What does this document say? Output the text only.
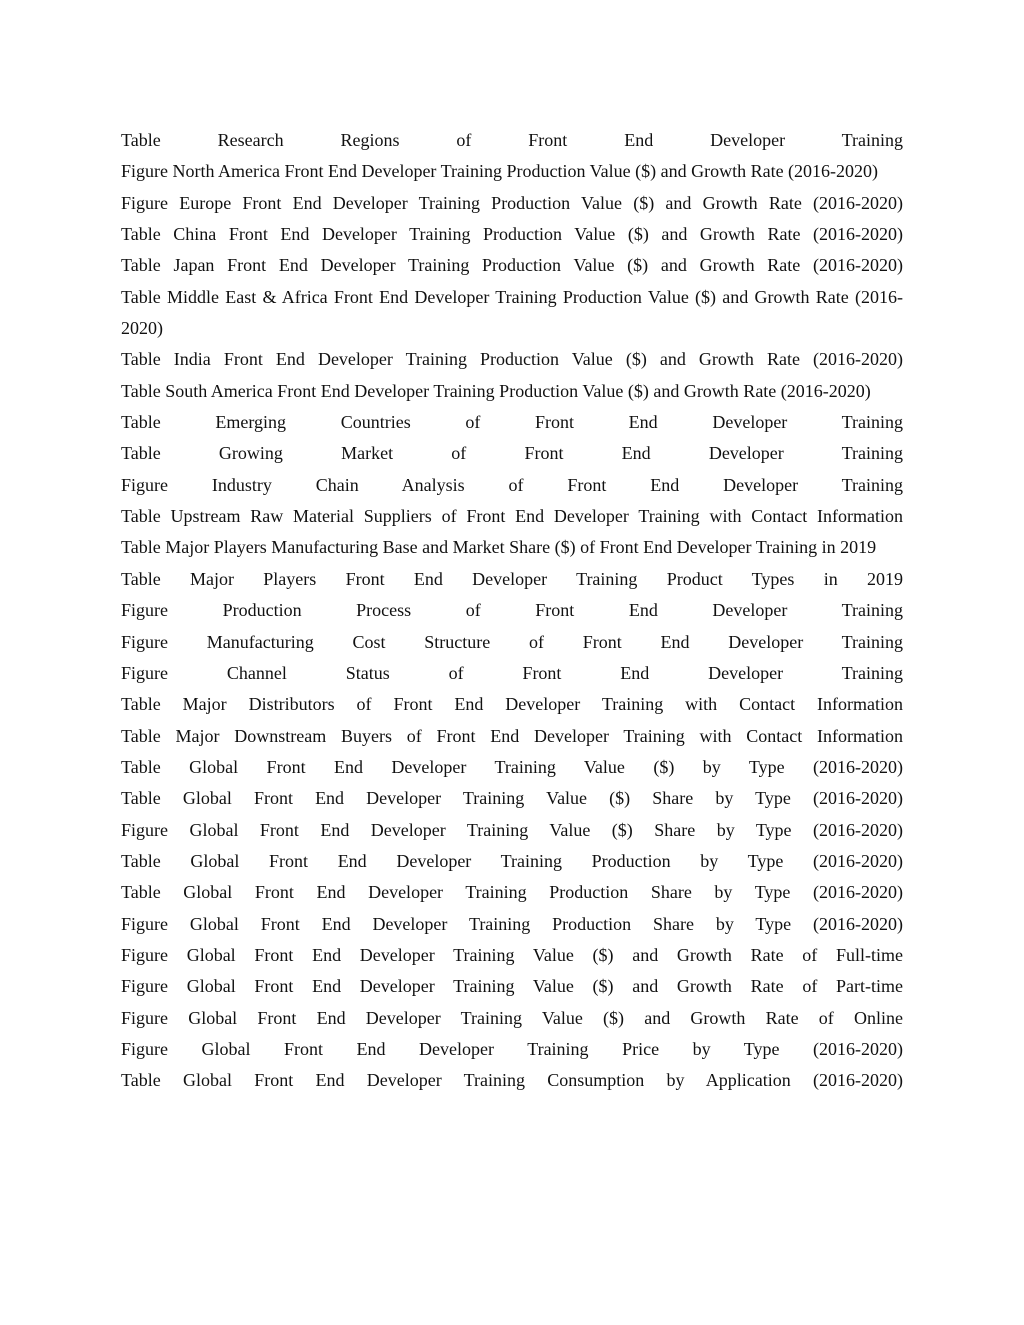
Table Research Regions of Front End Developer Training

Figure North America Front End Developer Training Production Value ($) and Growth Rate (2016-2020)

Figure Europe Front End Developer Training Production Value ($) and Growth Rate (2016-2020)

Table China Front End Developer Training Production Value ($) and Growth Rate (2016-2020)

Table Japan Front End Developer Training Production Value ($) and Growth Rate (2016-2020)

Table Middle East & Africa Front End Developer Training Production Value ($) and Growth Rate (2016-2020)

Table India Front End Developer Training Production Value ($) and Growth Rate (2016-2020)

Table South America Front End Developer Training Production Value ($) and Growth Rate (2016-2020)

Table Emerging Countries of Front End Developer Training

Table Growing Market of Front End Developer Training

Figure Industry Chain Analysis of Front End Developer Training

Table Upstream Raw Material Suppliers of Front End Developer Training with Contact Information

Table Major Players Manufacturing Base and Market Share ($) of Front End Developer Training in 2019

Table Major Players Front End Developer Training Product Types in 2019

Figure Production Process of Front End Developer Training

Figure Manufacturing Cost Structure of Front End Developer Training

Figure Channel Status of Front End Developer Training

Table Major Distributors of Front End Developer Training with Contact Information

Table Major Downstream Buyers of Front End Developer Training with Contact Information

Table Global Front End Developer Training Value ($) by Type (2016-2020)

Table Global Front End Developer Training Value ($) Share by Type (2016-2020)

Figure Global Front End Developer Training Value ($) Share by Type (2016-2020)

Table Global Front End Developer Training Production by Type (2016-2020)

Table Global Front End Developer Training Production Share by Type (2016-2020)

Figure Global Front End Developer Training Production Share by Type (2016-2020)

Figure Global Front End Developer Training Value ($) and Growth Rate of Full-time

Figure Global Front End Developer Training Value ($) and Growth Rate of Part-time

Figure Global Front End Developer Training Value ($) and Growth Rate of Online

Figure Global Front End Developer Training Price by Type (2016-2020)

Table Global Front End Developer Training Consumption by Application (2016-2020)
